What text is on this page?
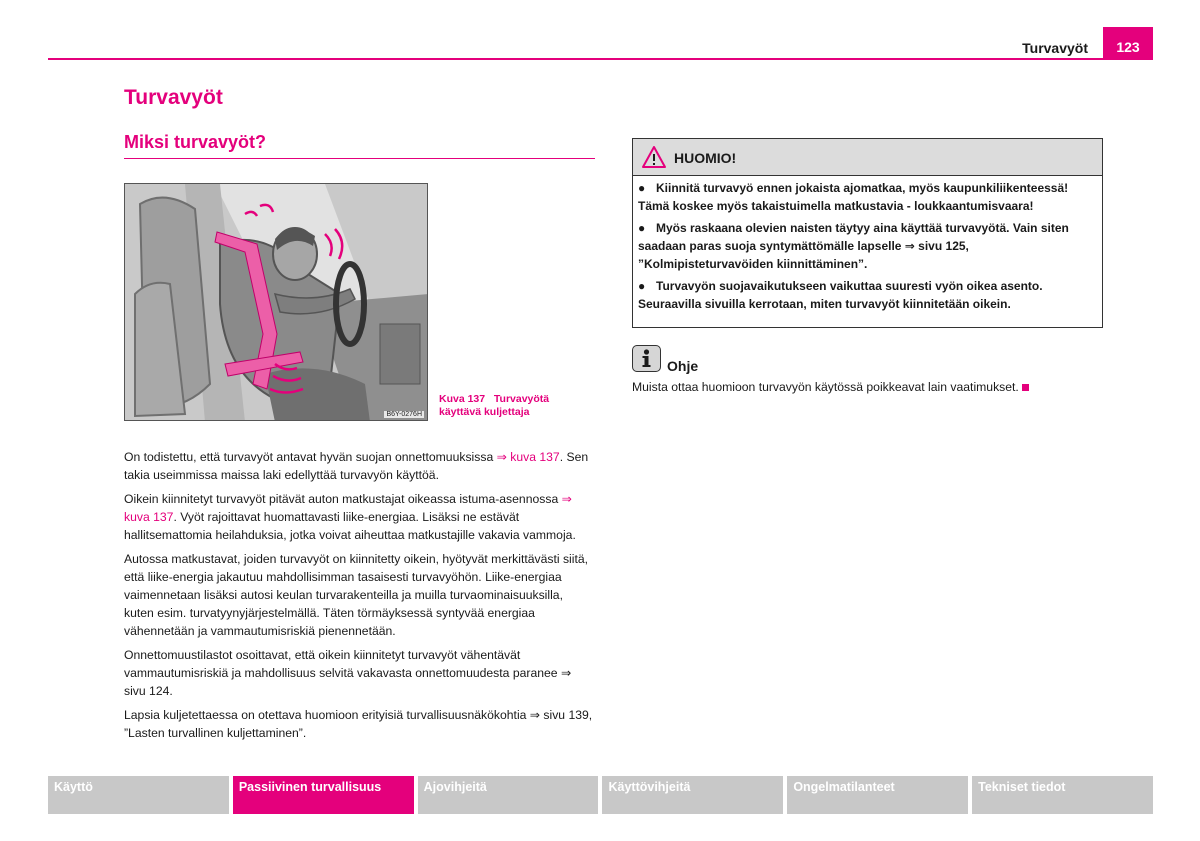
Turvavyöt	123
Turvavyöt
Miksi turvavyöt?
B6Y-0276H
Kuva 137 Turvavyötä käyttävä kuljettaja

On todistettu, että turvavyöt antavat hyvän suojan onnettomuuksissa ⇒ kuva 137. Sen takia useimmissa maissa laki edellyttää turvavyön käyttöä.

Oikein kiinnitetyt turvavyöt pitävät auton matkustajat oikeassa istuma-asennossa ⇒ kuva 137. Vyöt rajoittavat huomattavasti liike-energiaa. Lisäksi ne estävät hallitsemattomia heilahduksia, jotka voivat aiheuttaa matkustajille vakavia vammoja.

Autossa matkustavat, joiden turvavyöt on kiinnitetty oikein, hyötyvät merkittävästi siitä, että liike-energia jakautuu mahdollisimman tasaisesti turvavyöhön. Liike-energiaa vaimennetaan lisäksi autosi keulan turvarakenteilla ja muilla turvaominaisuuksilla, kuten esim. turvatyynyjärjestelmällä. Täten törmäyksessä syntyvää energiaa vähennetään ja vammautumisriskiä pienennetään.

Onnettomuustilastot osoittavat, että oikein kiinnitetyt turvavyöt vähentävät vammautumisriskiä ja mahdollisuus selvitä vakavasta onnettomuudesta paranee ⇒ sivu 124.

Lapsia kuljetettaessa on otettava huomioon erityisiä turvallisuusnäkökohtia ⇒ sivu 139, ”Lasten turvallinen kuljettaminen”.

HUOMIO!
● Kiinnitä turvavyö ennen jokaista ajomatkaa, myös kaupunkiliikenteessä! Tämä koskee myös takaistuimella matkustavia - loukkaantumisvaara!
● Myös raskaana olevien naisten täytyy aina käyttää turvavyötä. Vain siten saadaan paras suoja syntymättömälle lapselle ⇒ sivu 125, ”Kolmipisteturvavöiden kiinnittäminen”.
● Turvavyön suojavaikutukseen vaikuttaa suuresti vyön oikea asento. Seuraavilla sivuilla kerrotaan, miten turvavyöt kiinnitetään oikein.
Ohje
Muista ottaa huomioon turvavyön käytössä poikkeavat lain vaatimukset.
Käyttö	Passiivinen turvallisuus	Ajovihjeitä	Käyttövihjeitä	Ongelmatilanteet	Tekniset tiedot
